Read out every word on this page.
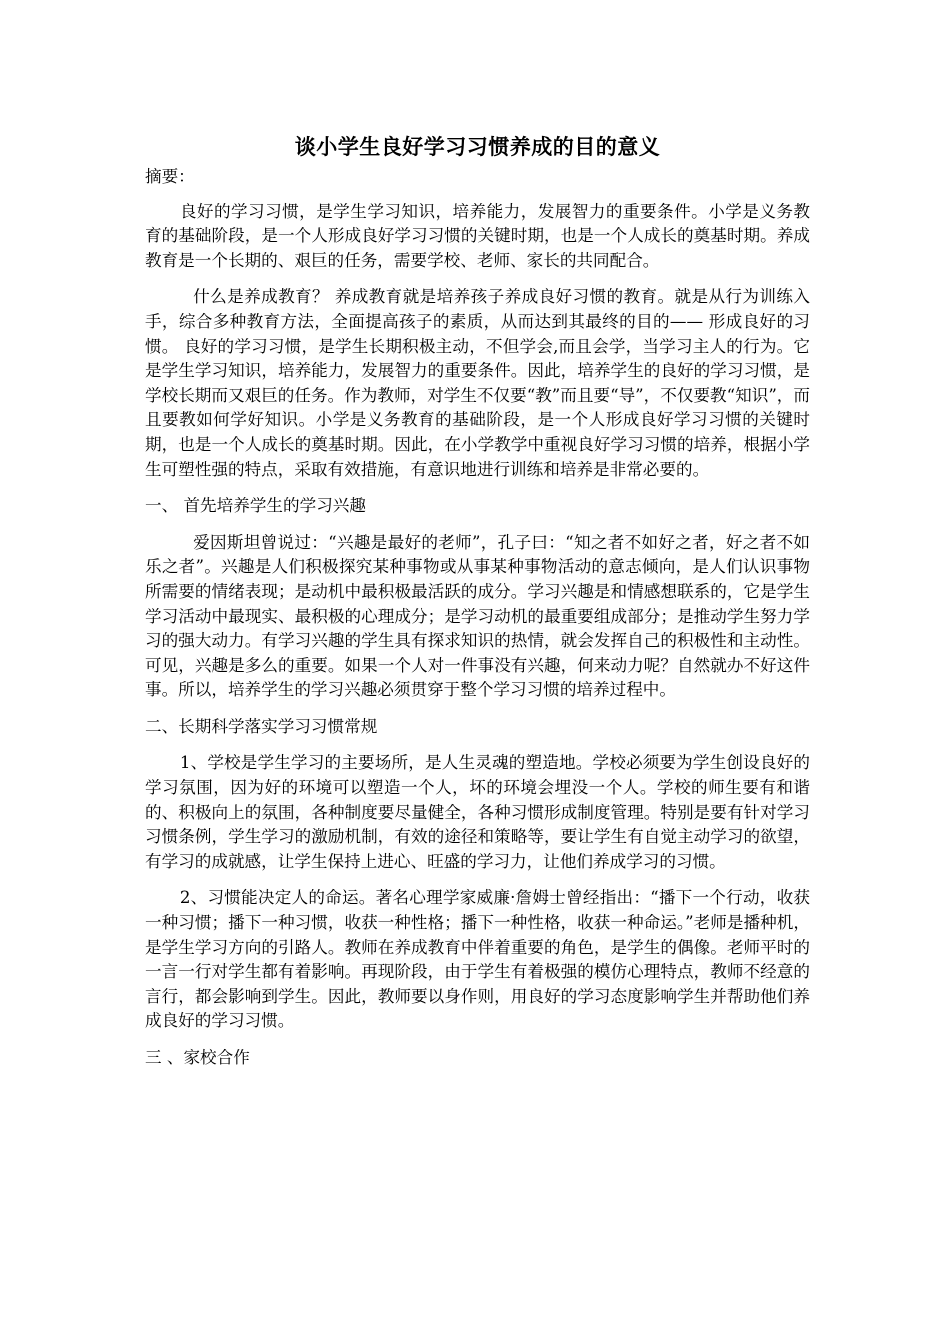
谈小学生良好学习习惯养成的目的意义

摘要：

良好的学习习惯，是学生学习知识，培养能力，发展智力的重要条件。小学是义务教育的基础阶段，是一个人形成良好学习习惯的关键时期，也是一个人成长的奠基时期。养成教育是一个长期的、艰巨的任务，需要学校、老师、家长的共同配合。

什么是养成教育？ 养成教育就是培养孩子养成良好习惯的教育。就是从行为训练入手，综合多种教育方法，全面提高孩子的素质，从而达到其最终的目的—— 形成良好的习惯。 良好的学习习惯，是学生长期积极主动，不但学会,而且会学，当学习主人的行为。它是学生学习知识，培养能力，发展智力的重要条件。因此，培养学生的良好的学习习惯，是学校长期而又艰巨的任务。作为教师，对学生不仅要“教”而且要“导”，不仅要教“知识”，而且要教如何学好知识。小学是义务教育的基础阶段，是一个人形成良好学习习惯的关键时期，也是一个人成长的奠基时期。因此，在小学教学中重视良好学习习惯的培养，根据小学生可塑性强的特点，采取有效措施，有意识地进行训练和培养是非常必要的。

一、 首先培养学生的学习兴趣

爱因斯坦曾说过：“兴趣是最好的老师”，孔子曰：“知之者不如好之者，好之者不如乐之者”。兴趣是人们积极探究某种事物或从事某种事物活动的意志倾向，是人们认识事物所需要的情绪表现；是动机中最积极最活跃的成分。学习兴趣是和情感想联系的，它是学生学习活动中最现实、最积极的心理成分；是学习动机的最重要组成部分；是推动学生努力学习的强大动力。有学习兴趣的学生具有探求知识的热情，就会发挥自己的积极性和主动性。可见，兴趣是多么的重要。如果一个人对一件事没有兴趣，何来动力呢？自然就办不好这件事。所以，培养学生的学习兴趣必须贯穿于整个学习习惯的培养过程中。

二、长期科学落实学习习惯常规

1、学校是学生学习的主要场所，是人生灵魂的塑造地。学校必须要为学生创设良好的学习氛围，因为好的环境可以塑造一个人，坏的环境会埋没一个人。学校的师生要有和谐的、积极向上的氛围，各种制度要尽量健全，各种习惯形成制度管理。特别是要有针对学习习惯条例，学生学习的激励机制，有效的途径和策略等，要让学生有自觉主动学习的欲望，有学习的成就感，让学生保持上进心、旺盛的学习力，让他们养成学习的习惯。

2、习惯能决定人的命运。著名心理学家威廉·詹姆士曾经指出：“播下一个行动，收获一种习惯；播下一种习惯，收获一种性格；播下一种性格，收获一种命运。”老师是播种机，是学生学习方向的引路人。教师在养成教育中伴着重要的角色，是学生的偶像。老师平时的一言一行对学生都有着影响。再现阶段，由于学生有着极强的模仿心理特点，教师不经意的言行，都会影响到学生。因此，教师要以身作则，用良好的学习态度影响学生并帮助他们养成良好的学习习惯。

三 、家校合作
